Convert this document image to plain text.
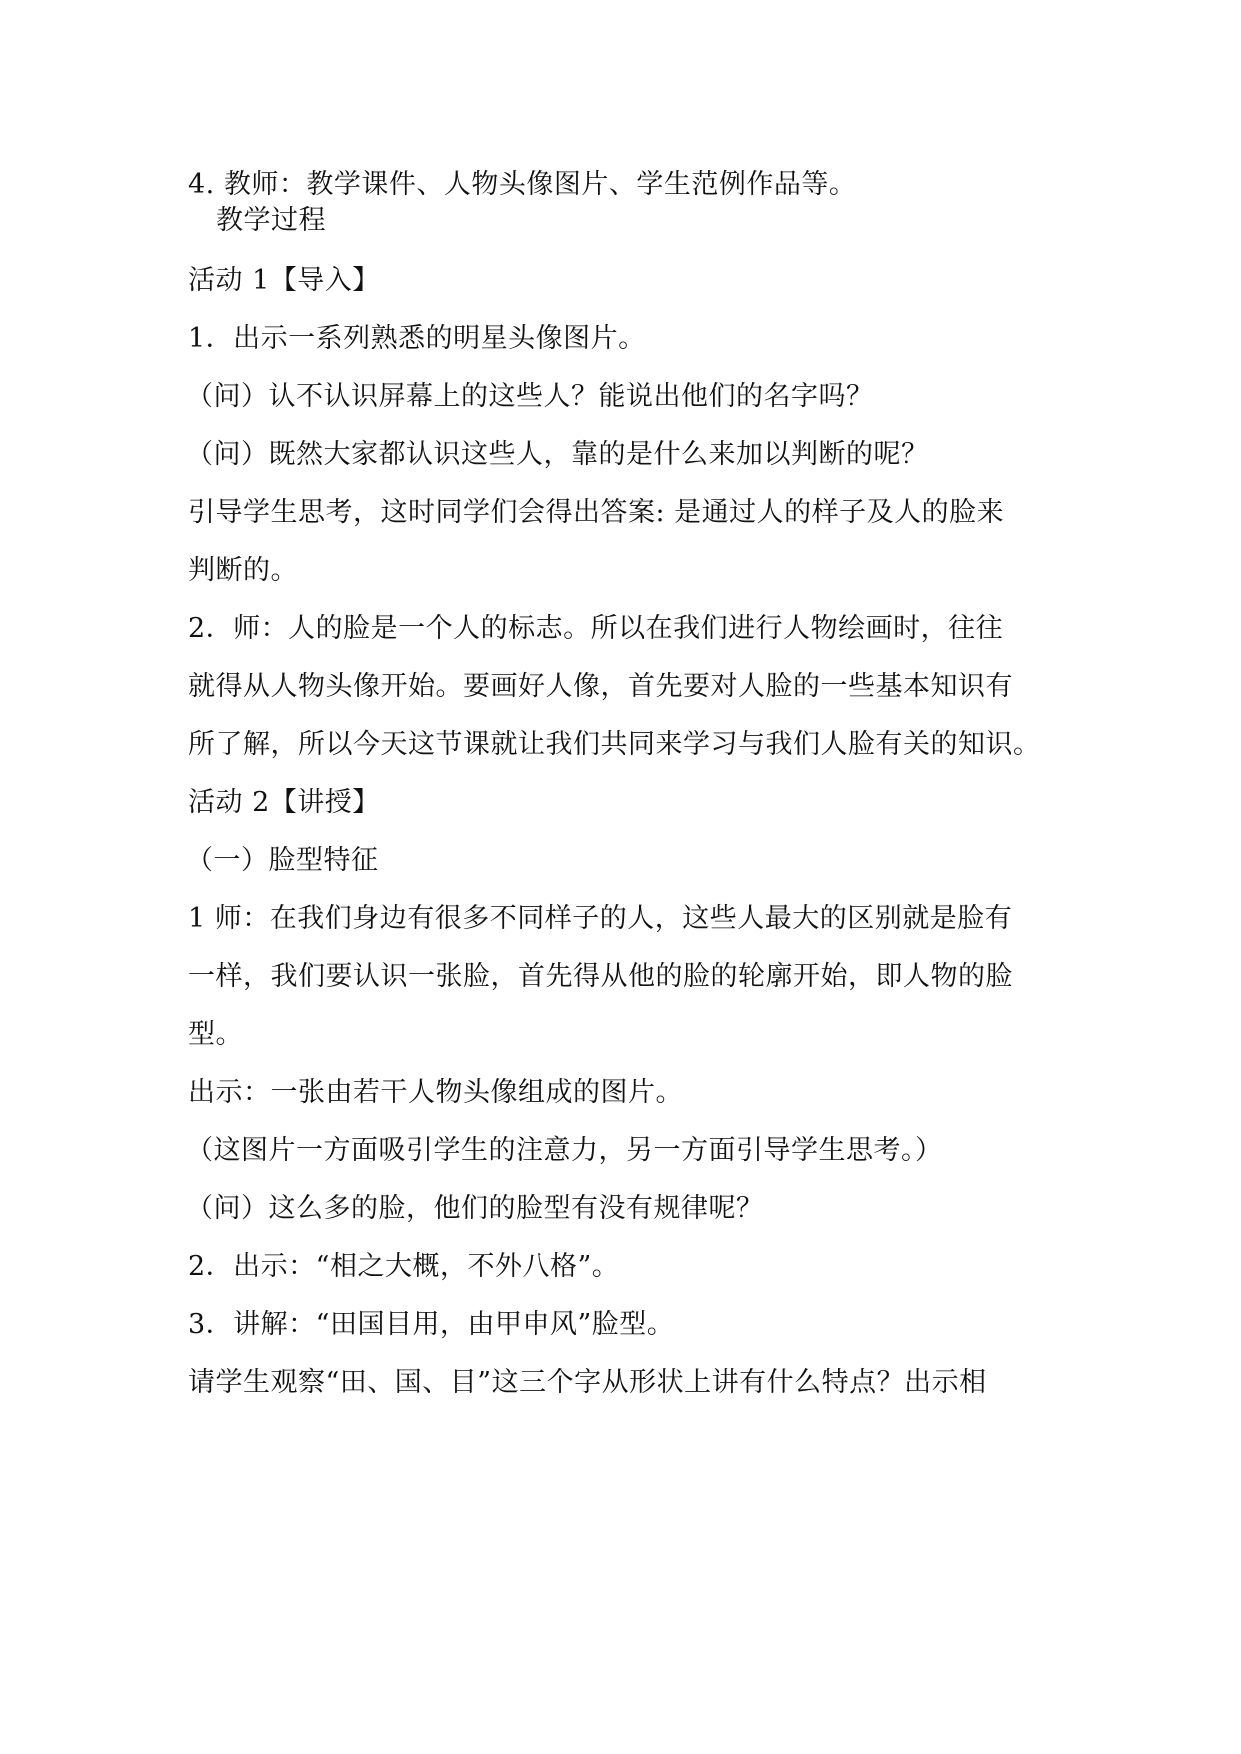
4. 教师：教学课件、人物头像图片、学生范例作品等。
教学过程
活动 1【导入】
1．出示一系列熟悉的明星头像图片。
（问）认不认识屏幕上的这些人？能说出他们的名字吗？
（问）既然大家都认识这些人，靠的是什么来加以判断的呢？
引导学生思考，这时同学们会得出答案: 是通过人的样子及人的脸来
判断的。
2．师：人的脸是一个人的标志。所以在我们进行人物绘画时，往往
就得从人物头像开始。要画好人像，首先要对人脸的一些基本知识有
所了解，所以今天这节课就让我们共同来学习与我们人脸有关的知识。
活动 2【讲授】
（一）脸型特征
1 师：在我们身边有很多不同样子的人，这些人最大的区别就是脸有
一样，我们要认识一张脸，首先得从他的脸的轮廓开始，即人物的脸
型。
出示：一张由若干人物头像组成的图片。
（这图片一方面吸引学生的注意力，另一方面引导学生思考。）
（问）这么多的脸，他们的脸型有没有规律呢？
2．出示：“相之大概，不外八格”。
3．讲解：“田国目用，由甲申风”脸型。
请学生观察“田、国、目”这三个字从形状上讲有什么特点？出示相
